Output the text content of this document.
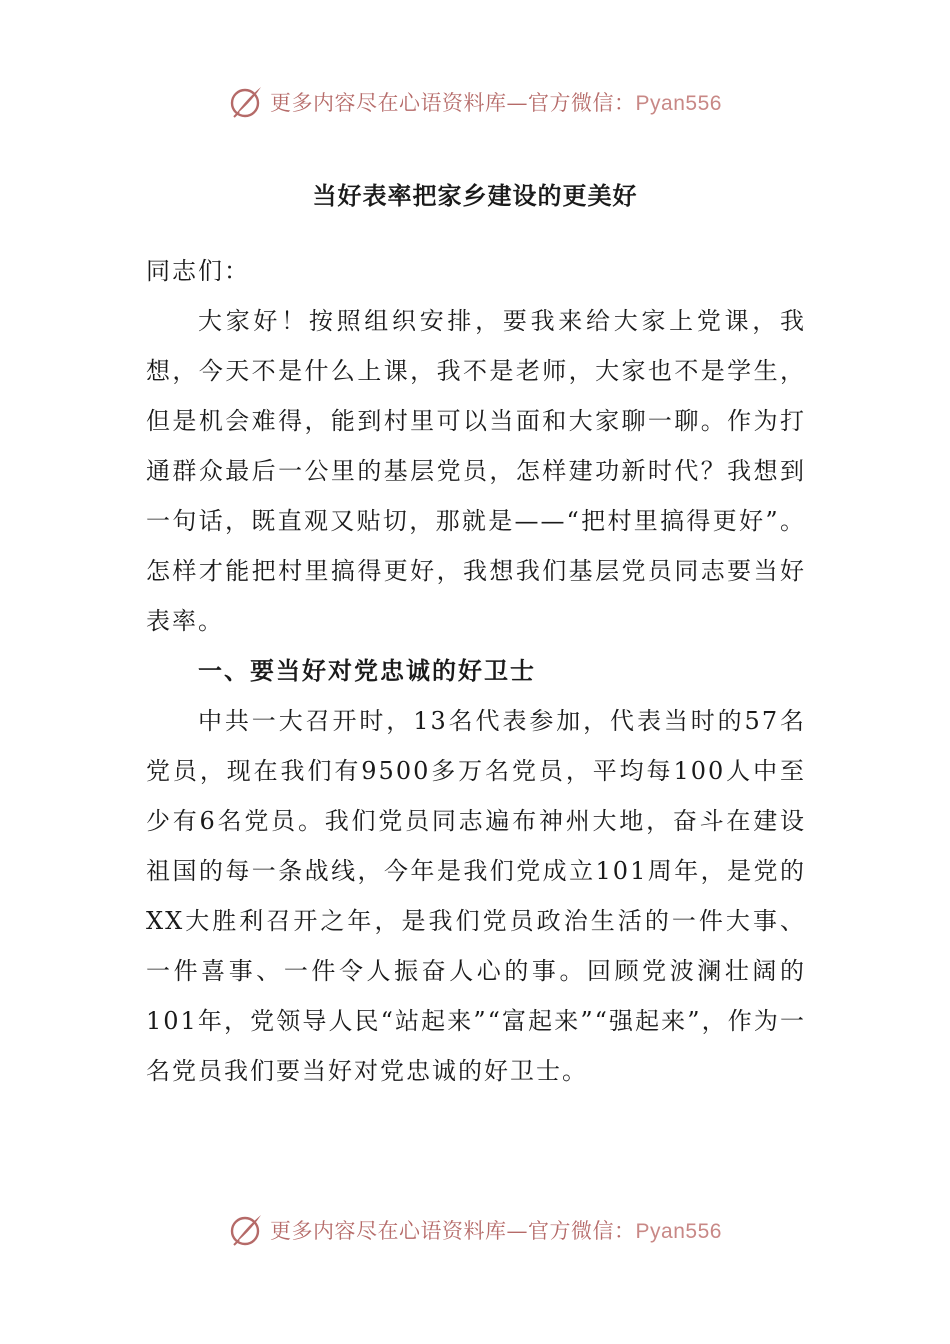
更多内容尽在心语资料库—官方微信：Pyan556
当好表率把家乡建设的更美好

同志们：

大家好！按照组织安排，要我来给大家上党课，我想，今天不是什么上课，我不是老师，大家也不是学生，但是机会难得，能到村里可以当面和大家聊一聊。作为打通群众最后一公里的基层党员，怎样建功新时代？我想到一句话，既直观又贴切，那就是——“把村里搞得更好”。怎样才能把村里搞得更好，我想我们基层党员同志要当好表率。

一、要当好对党忠诚的好卫士

中共一大召开时，13名代表参加，代表当时的57名党员，现在我们有9500多万名党员，平均每100人中至少有6名党员。我们党员同志遍布神州大地，奋斗在建设祖国的每一条战线，今年是我们党成立101周年，是党的XX大胜利召开之年，是我们党员政治生活的一件大事、一件喜事、一件令人振奋人心的事。回顾党波澜壮阔的101年，党领导人民“站起来”“富起来”“强起来”，作为一名党员我们要当好对党忠诚的好卫士。

更多内容尽在心语资料库—官方微信：Pyan556
